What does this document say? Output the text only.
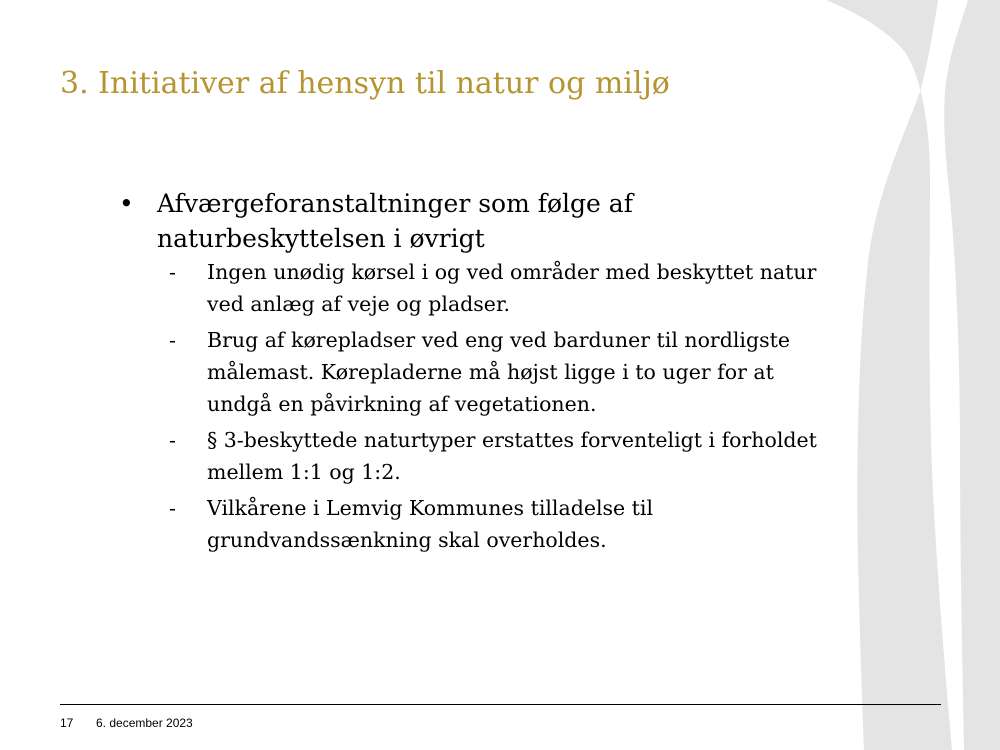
3. Initiativer af hensyn til natur og miljø
• Afværgeforanstaltninger som følge af naturbeskyttelsen i øvrigt
- Ingen unødig kørsel i og ved områder med beskyttet natur ved anlæg af veje og pladser.
- Brug af kørepladser ved eng ved barduner til nordligste målemast. Kørepladerne må højst ligge i to uger for at undgå en påvirkning af vegetationen.
- § 3-beskyttede naturtyper erstattes forventeligt i forholdet mellem 1:1 og 1:2.
- Vilkårene i Lemvig Kommunes tilladelse til grundvandssænkning skal overholdes.
17 6. december 2023
